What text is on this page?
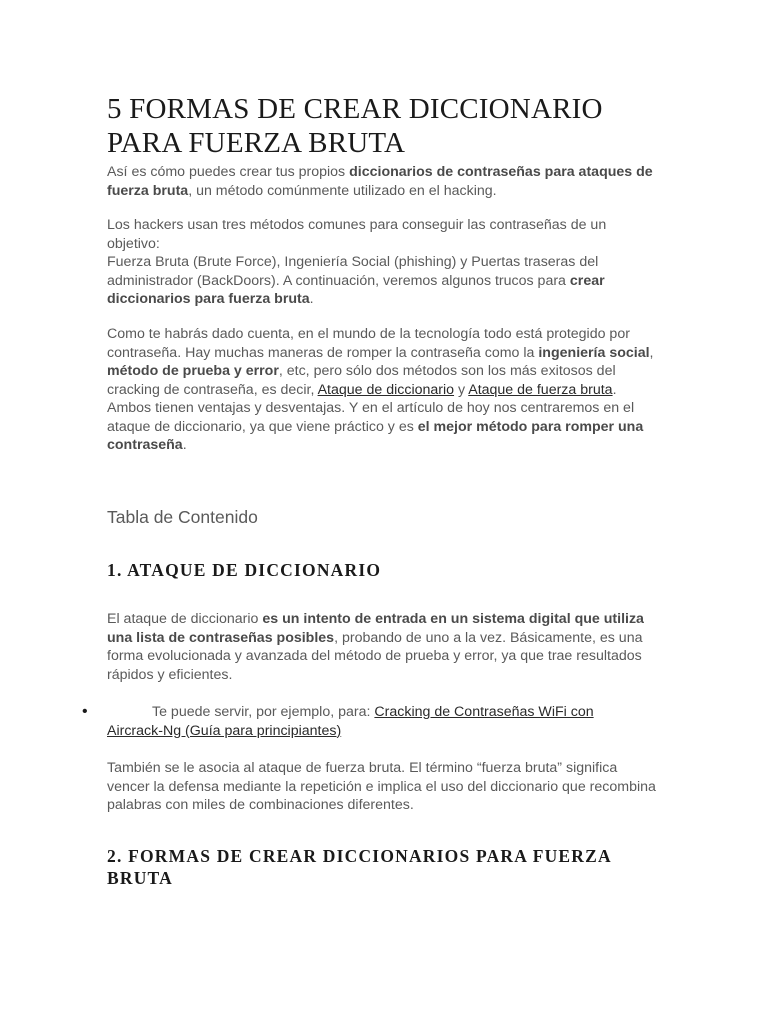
5 FORMAS DE CREAR DICCIONARIO PARA FUERZA BRUTA

Así es cómo puedes crear tus propios diccionarios de contraseñas para ataques de fuerza bruta, un método comúnmente utilizado en el hacking.

Los hackers usan tres métodos comunes para conseguir las contraseñas de un objetivo:
Fuerza Bruta (Brute Force), Ingeniería Social (phishing) y Puertas traseras del administrador (BackDoors). A continuación, veremos algunos trucos para crear diccionarios para fuerza bruta.

Como te habrás dado cuenta, en el mundo de la tecnología todo está protegido por contraseña. Hay muchas maneras de romper la contraseña como la ingeniería social, método de prueba y error, etc, pero sólo dos métodos son los más exitosos del cracking de contraseña, es decir, Ataque de diccionario y Ataque de fuerza bruta. Ambos tienen ventajas y desventajas. Y en el artículo de hoy nos centraremos en el ataque de diccionario, ya que viene práctico y es el mejor método para romper una contraseña.

Tabla de Contenido
1. ATAQUE DE DICCIONARIO

El ataque de diccionario es un intento de entrada en un sistema digital que utiliza una lista de contraseñas posibles, probando de uno a la vez. Básicamente, es una forma evolucionada y avanzada del método de prueba y error, ya que trae resultados rápidos y eficientes.

También se le asocia al ataque de fuerza bruta. El término “fuerza bruta” significa vencer la defensa mediante la repetición e implica el uso del diccionario que recombina palabras con miles de combinaciones diferentes.

2. FORMAS DE CREAR DICCIONARIOS PARA FUERZA BRUTA
•	Te puede servir, por ejemplo, para: Cracking de Contraseñas WiFi con Aircrack-Ng (Guía para principiantes)
